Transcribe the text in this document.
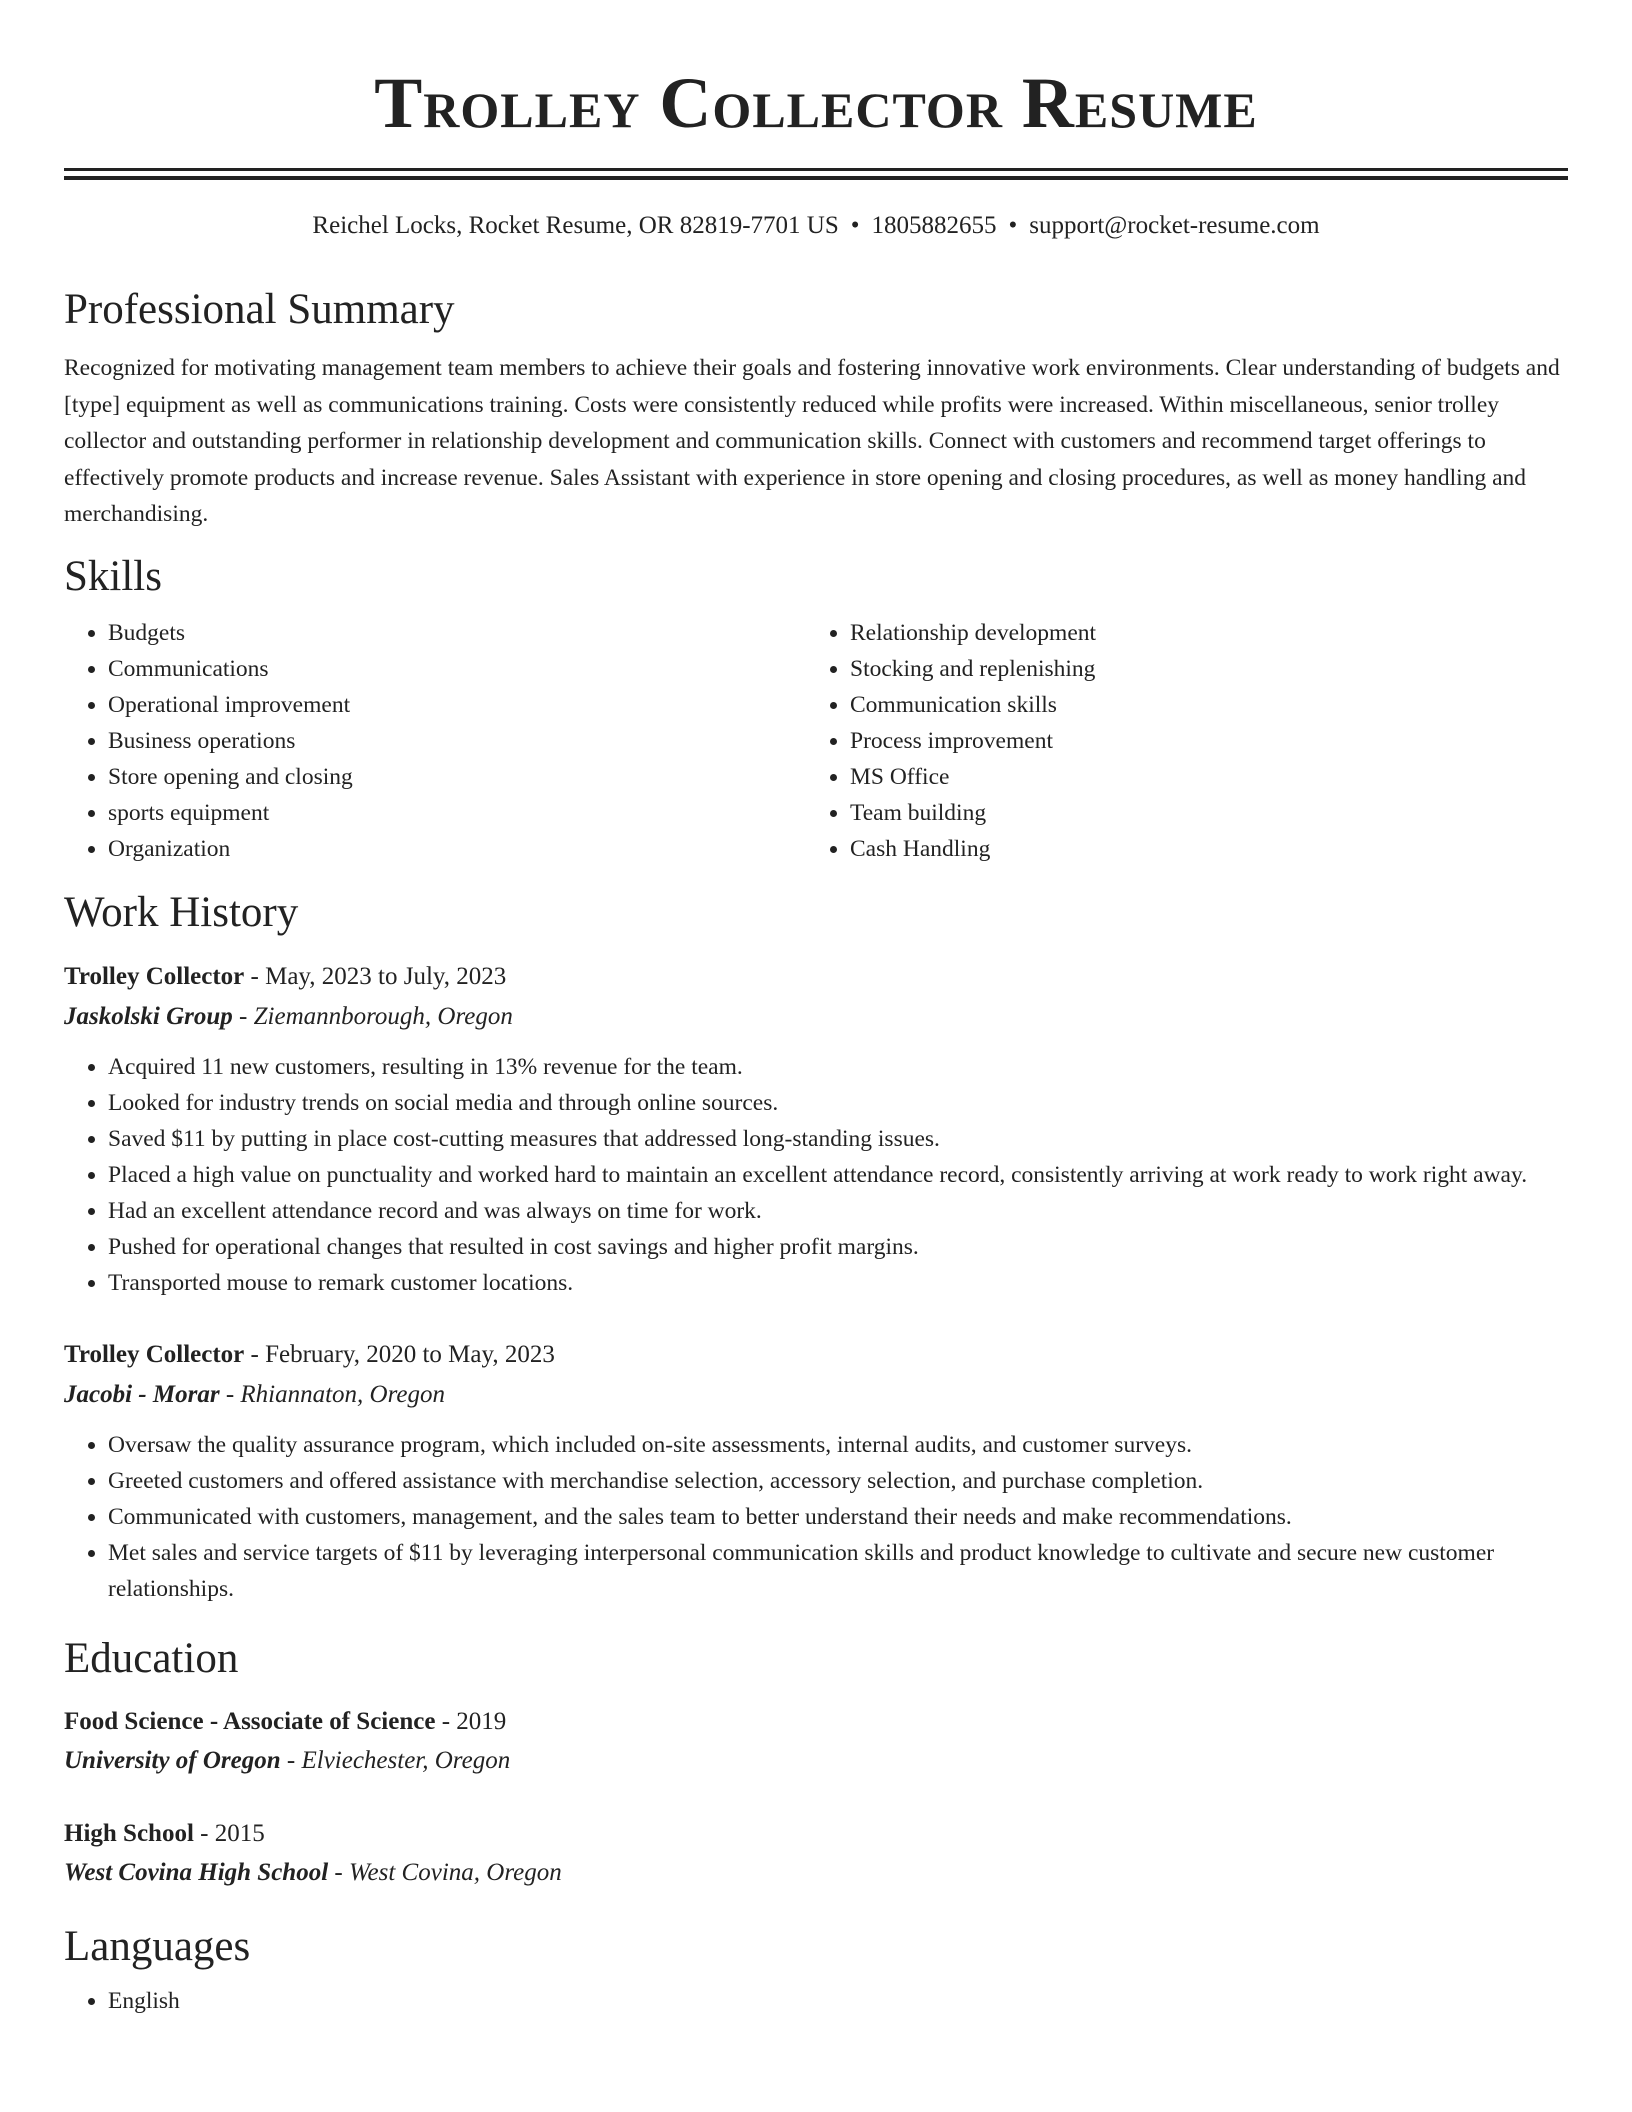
Trolley Collector Resume
Reichel Locks, Rocket Resume, OR 82819-7701 US • 1805882655 • support@rocket-resume.com
Professional Summary

Recognized for motivating management team members to achieve their goals and fostering innovative work environments. Clear understanding of budgets and [type] equipment as well as communications training. Costs were consistently reduced while profits were increased. Within miscellaneous, senior trolley collector and outstanding performer in relationship development and communication skills. Connect with customers and recommend target offerings to effectively promote products and increase revenue. Sales Assistant with experience in store opening and closing procedures, as well as money handling and merchandising.

Skills
• Budgets
• Communications
• Operational improvement
• Business operations
• Store opening and closing
• sports equipment
• Organization
• Relationship development
• Stocking and replenishing
• Communication skills
• Process improvement
• MS Office
• Team building
• Cash Handling
Work History
Trolley Collector - May, 2023 to July, 2023
Jaskolski Group - Ziemannborough, Oregon
• Acquired 11 new customers, resulting in 13% revenue for the team.
• Looked for industry trends on social media and through online sources.
• Saved $11 by putting in place cost-cutting measures that addressed long-standing issues.
• Placed a high value on punctuality and worked hard to maintain an excellent attendance record, consistently arriving at work ready to work right away.
• Had an excellent attendance record and was always on time for work.
• Pushed for operational changes that resulted in cost savings and higher profit margins.
• Transported mouse to remark customer locations.
Trolley Collector - February, 2020 to May, 2023
Jacobi - Morar - Rhiannaton, Oregon
• Oversaw the quality assurance program, which included on-site assessments, internal audits, and customer surveys.
• Greeted customers and offered assistance with merchandise selection, accessory selection, and purchase completion.
• Communicated with customers, management, and the sales team to better understand their needs and make recommendations.
• Met sales and service targets of $11 by leveraging interpersonal communication skills and product knowledge to cultivate and secure new customer relationships.
Education
Food Science - Associate of Science - 2019
University of Oregon - Elviechester, Oregon
High School - 2015
West Covina High School - West Covina, Oregon
Languages
• English
